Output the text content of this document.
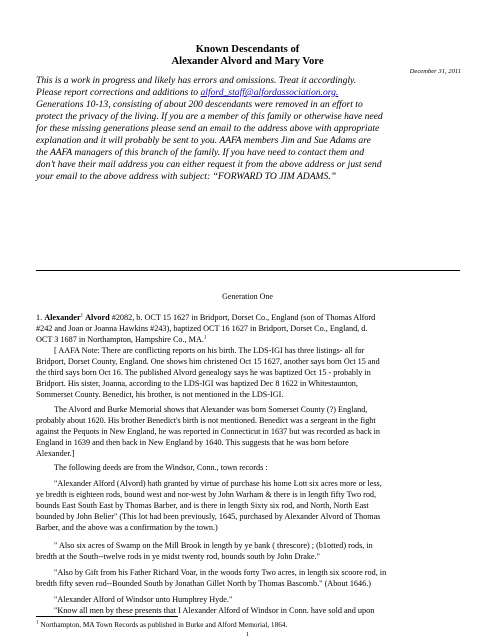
Known Descendants of
Alexander Alvord and Mary Vore
December 31, 2011
This is a work in progress and likely has errors and omissions. Treat it accordingly.
Please report corrections and additions to alford_staff@alfordassociation.org.
Generations 10-13, consisting of about 200 descendants were removed in an effort to
protect the privacy of the living. If you are a member of this family or otherwise have need
for these missing generations please send an email to the address above with appropriate
explanation and it will probably be sent to you. AAFA members Jim and Sue Adams are
the AAFA managers of this branch of the family. If you have need to contact them and
don’t have their mail address you can either request it from the above address or just send
your email to the above address with subject: “FORWARD TO JIM ADAMS.”
Generation One
1. Alexander$^1$ Alvord #2082, b. OCT 15 1627 in Bridport, Dorset Co., England (son of Thomas Alford
#242 and Joan or Joanna Hawkins #243), baptized OCT 16 1627 in Bridport, Dorset Co., England, d.
OCT 3 1687 in Northampton, Hampshire Co., MA.$^1$
[ AAFA Note: There are conflicting reports on his birth. The LDS-IGI has three listings- all for
Bridport, Dorset County, England. One shows him christened Oct 15 1627, another says born Oct 15 and
the third says born Oct 16. The published Alvord genealogy says he was baptized Oct 15 - probably in
Bridport. His sister, Joanna, according to the LDS-IGI was baptized Dec 8 1622 in Whitestaunton,
Sommerset County. Benedict, his brother, is not mentioned in the LDS-IGI.
The Alvord and Burke Memorial shows that Alexander was born Somerset County (?) England,
probably about 1620. His brother Benedict's birth is not mentioned. Benedict was a sergeant in the fight
against the Pequots in New England, he was reported in Connecticut in 1637 but was recorded as back in
England in 1639 and then back in New England by 1640. This suggests that he was born before
Alexander.]
The following deeds are from the Windsor, Conn., town records :
"Alexander Alford (Alvord) hath granted by virtue of purchase his home Lott six acres more or less,
ye bredth is eighteen rods, bound west and nor-west by John Warham & there is in length fifty Two rod,
bounds East South East by Thomas Barber, and is there in length Sixty six rod, and North, North East
bounded by John Belier" (This lot had been previously, 1645, purchased by Alexander Alvord of Thomas
Barber, and the above was a confirmation by the town.)
" Also six acres of Swamp on the Mill Brook in length by ye bank ( threscore) ; (b1otted) rods, in
bredth at the South--twelve rods in ye midst twenty rod, bounds south by John Drake."
"Also by Gift from his Father Richard Voar, in the woods forty Two acres, in length six scoore rod, in
bredth fifty seven rod--Bounded South by Jonathan Gillet North by Thomas Bascomb." (About 1646.)
"Alexander Alford of Windsor unto Humphrey Hyde."
"Know all men by these presents that I Alexander Alford of Windsor in Conn. have sold and upon
$^1$ Northampton, MA Town Records as published in Burke and Alford Memorial, 1864.
1
